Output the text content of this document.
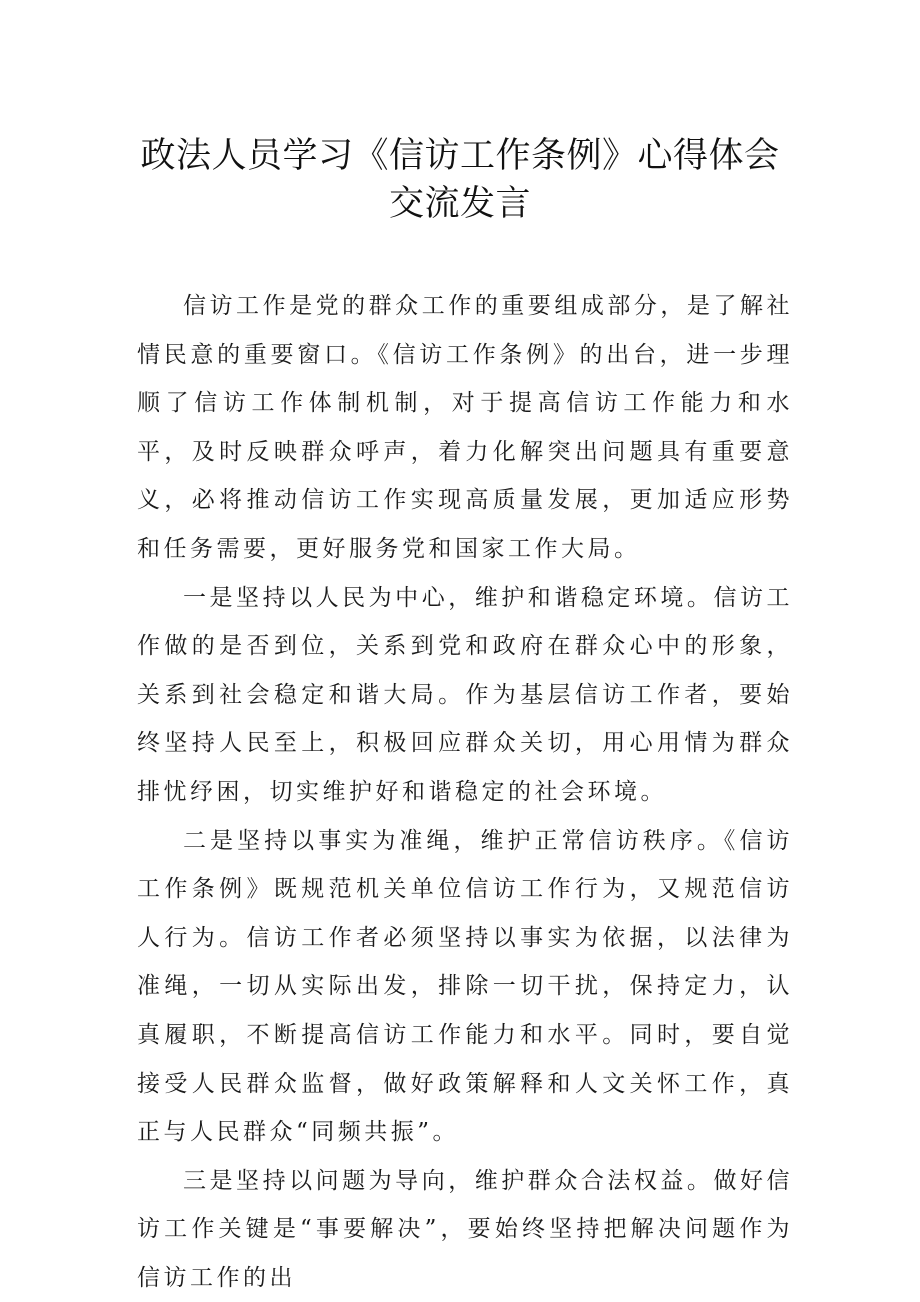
政法人员学习《信访工作条例》心得体会
交流发言

信访工作是党的群众工作的重要组成部分，是了解社情民意的重要窗口。《信访工作条例》的出台，进一步理顺了信访工作体制机制，对于提高信访工作能力和水平，及时反映群众呼声，着力化解突出问题具有重要意义，必将推动信访工作实现高质量发展，更加适应形势和任务需要，更好服务党和国家工作大局。

一是坚持以人民为中心，维护和谐稳定环境。信访工作做的是否到位，关系到党和政府在群众心中的形象，关系到社会稳定和谐大局。作为基层信访工作者，要始终坚持人民至上，积极回应群众关切，用心用情为群众排忧纾困，切实维护好和谐稳定的社会环境。

二是坚持以事实为准绳，维护正常信访秩序。《信访工作条例》既规范机关单位信访工作行为，又规范信访人行为。信访工作者必须坚持以事实为依据，以法律为准绳，一切从实际出发，排除一切干扰，保持定力，认真履职，不断提高信访工作能力和水平。同时，要自觉接受人民群众监督，做好政策解释和人文关怀工作，真正与人民群众“同频共振”。

三是坚持以问题为导向，维护群众合法权益。做好信访工作关键是“事要解决”，要始终坚持把解决问题作为信访工作的出
